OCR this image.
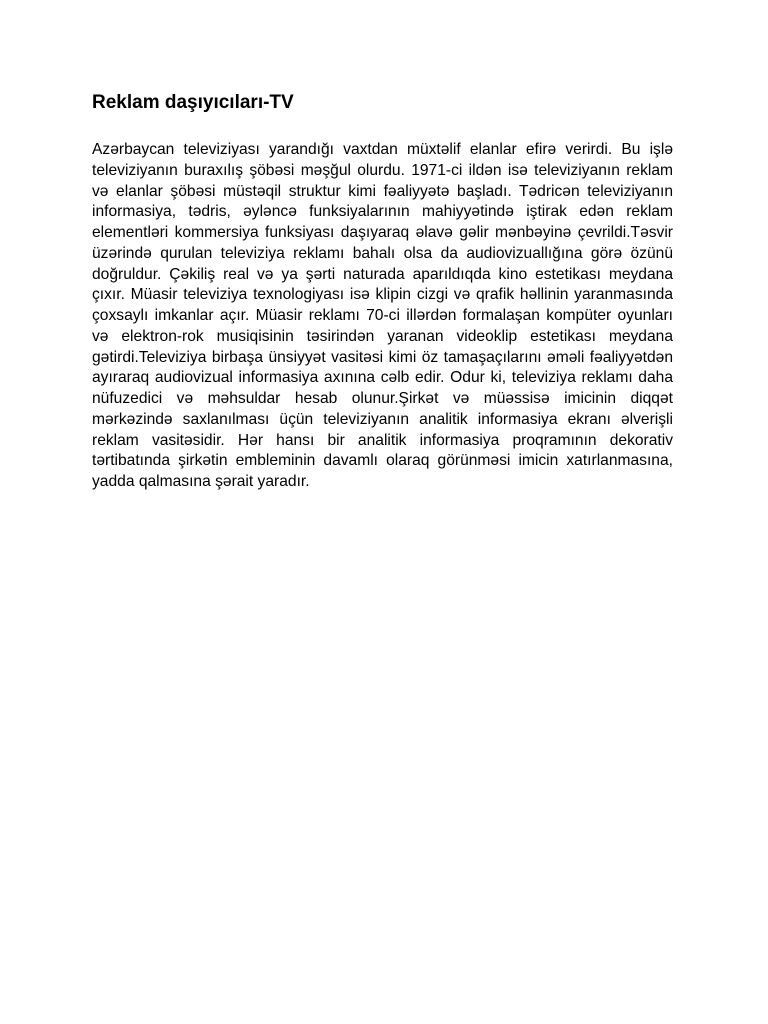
Reklam daşıyıcıları-TV

Azərbaycan televiziyası yarandığı vaxtdan müxtəlif elanlar efirə verirdi. Bu işlə televiziyanın buraxılış şöbəsi məşğul olurdu. 1971-ci ildən isə televiziyanın reklam və elanlar şöbəsi müstəqil struktur kimi fəaliyyətə başladı. Tədricən televiziyanın informasiya, tədris, əyləncə funksiyalarının mahiyyətində iştirak edən reklam elementləri kommersiya funksiyası daşıyaraq əlavə gəlir mənbəyinə çevrildi.Təsvir üzərində qurulan televiziya reklamı bahalı olsa da audiovizuallığına görə özünü doğruldur. Çəkiliş real və ya şərti naturada aparıldıqda kino estetikası meydana çıxır. Müasir televiziya texnologiyası isə klipin cizgi və qrafik həllinin yaranmasında çoxsaylı imkanlar açır. Müasir reklamı 70-ci illərdən formalaşan kompüter oyunları və elektron-rok musiqisinin təsirindən yaranan videoklip estetikası meydana gətirdi.Televiziya birbaşa ünsiyyət vasitəsi kimi öz tamaşaçılarını əməli fəaliyyətdən ayıraraq audiovizual informasiya axınına cəlb edir. Odur ki, televiziya reklamı daha nüfuzedici və məhsuldar hesab olunur.Şirkət və müəssisə imicinin diqqət mərkəzində saxlanılması üçün televiziyanın analitik informasiya ekranı əlverişli reklam vasitəsidir. Hər hansı bir analitik informasiya proqramının dekorativ tərtibatında şirkətin embleminin davamlı olaraq görünməsi imicin xatırlanmasına, yadda qalmasına şərait yaradır.
